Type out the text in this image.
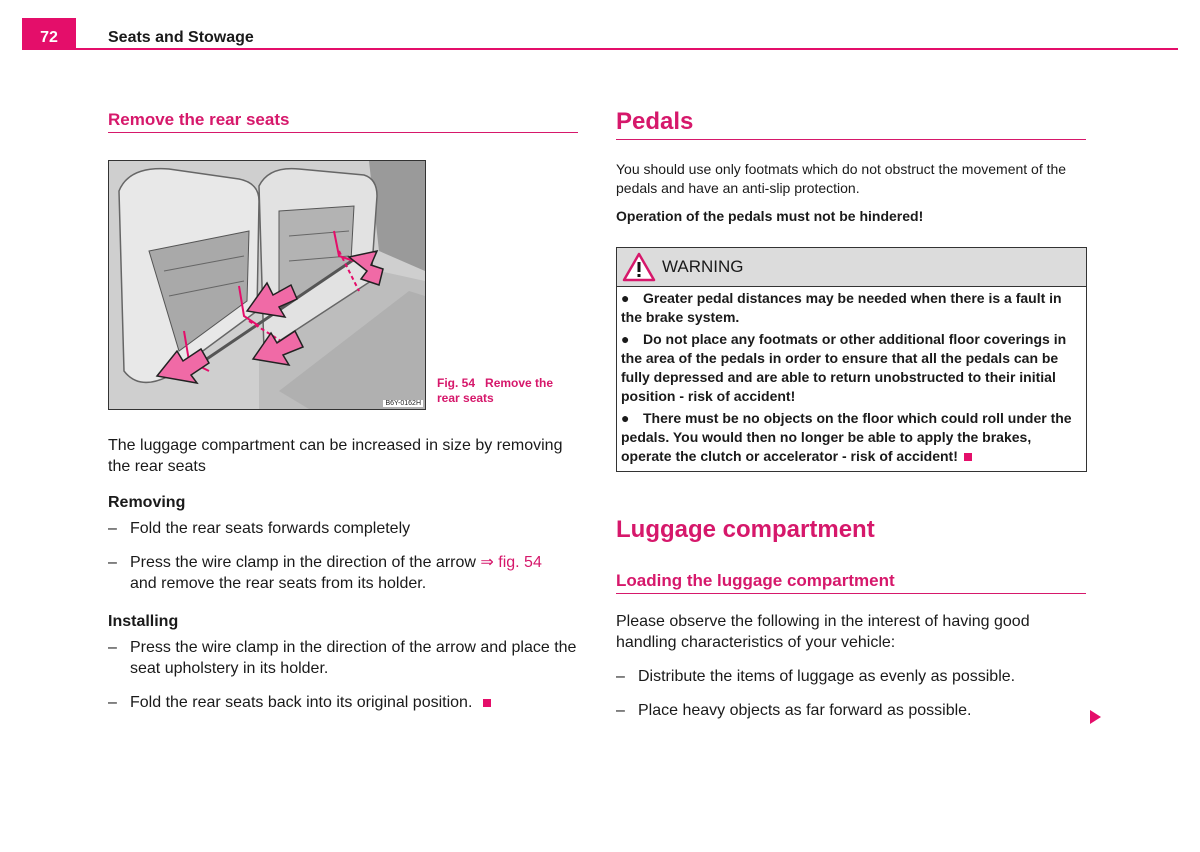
72	Seats and Stowage
Remove the rear seats
B6Y-0162H
Fig. 54 Remove the rear seats
The luggage compartment can be increased in size by removing the rear seats
Removing
– Fold the rear seats forwards completely
– Press the wire clamp in the direction of the arrow ⇒ fig. 54
and remove the rear seats from its holder.
Installing
– Press the wire clamp in the direction of the arrow and place the seat upholstery in its holder.
– Fold the rear seats back into its original position.
Pedals
You should use only footmats which do not obstruct the movement of the pedals and have an anti-slip protection.
Operation of the pedals must not be hindered!
WARNING

● Greater pedal distances may be needed when there is a fault in the brake system.

● Do not place any footmats or other additional floor coverings in the area of the pedals in order to ensure that all the pedals can be fully depressed and are able to return unobstructed to their initial position - risk of accident!

● There must be no objects on the floor which could roll under the pedals. You would then no longer be able to apply the brakes, operate the clutch or accelerator - risk of accident!

Luggage compartment
Loading the luggage compartment
Please observe the following in the interest of having good handling characteristics of your vehicle:
– Distribute the items of luggage as evenly as possible.
– Place heavy objects as far forward as possible.
